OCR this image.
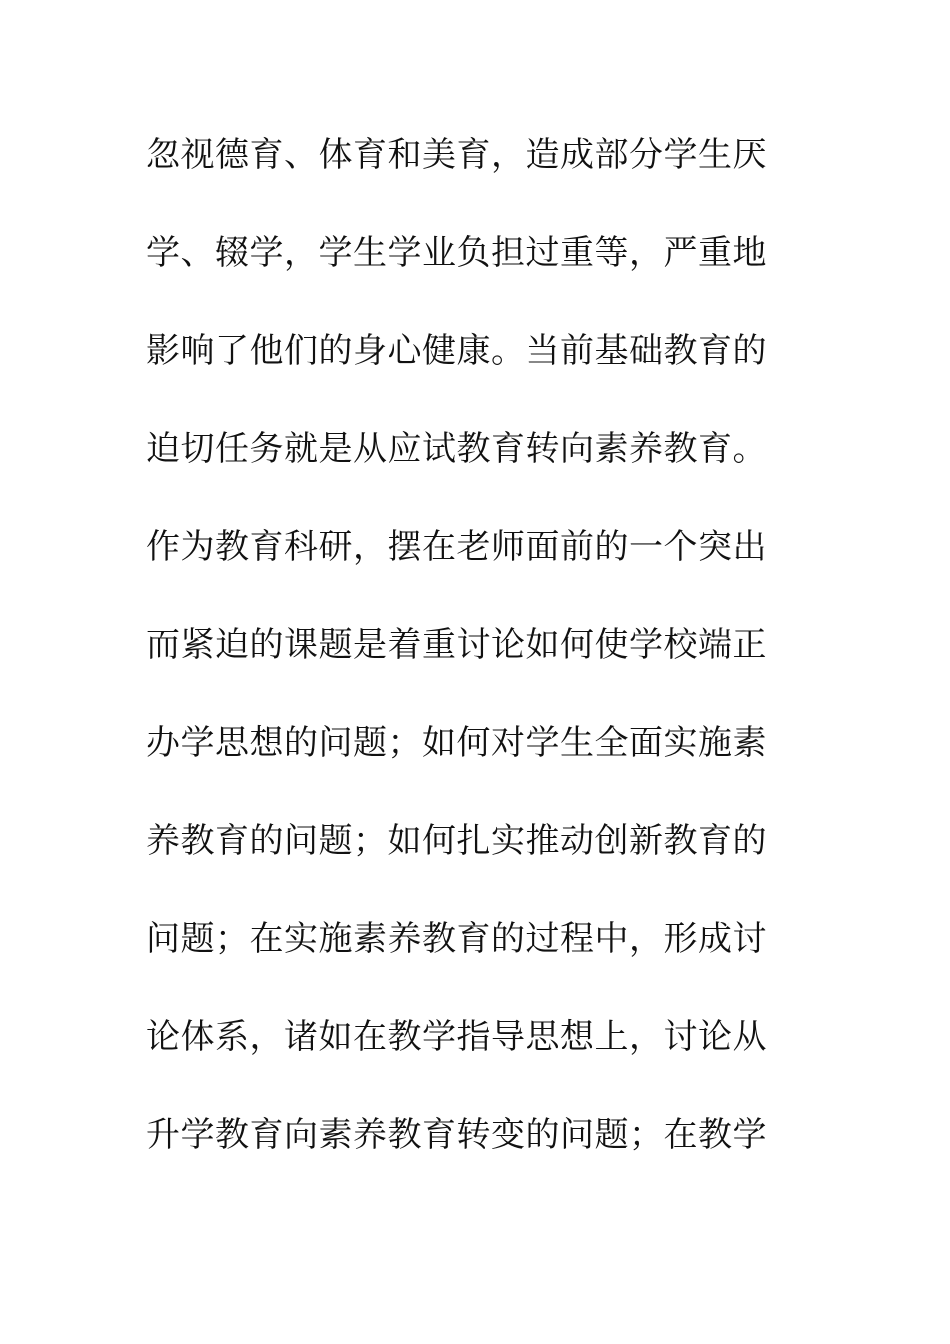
忽视德育、体育和美育，造成部分学生厌
学、辍学，学生学业负担过重等，严重地
影响了他们的身心健康。当前基础教育的
迫切任务就是从应试教育转向素养教育。
作为教育科研，摆在老师面前的一个突出
而紧迫的课题是着重讨论如何使学校端正
办学思想的问题；如何对学生全面实施素
养教育的问题；如何扎实推动创新教育的
问题；在实施素养教育的过程中，形成讨
论体系，诸如在教学指导思想上，讨论从
升学教育向素养教育转变的问题；在教学
